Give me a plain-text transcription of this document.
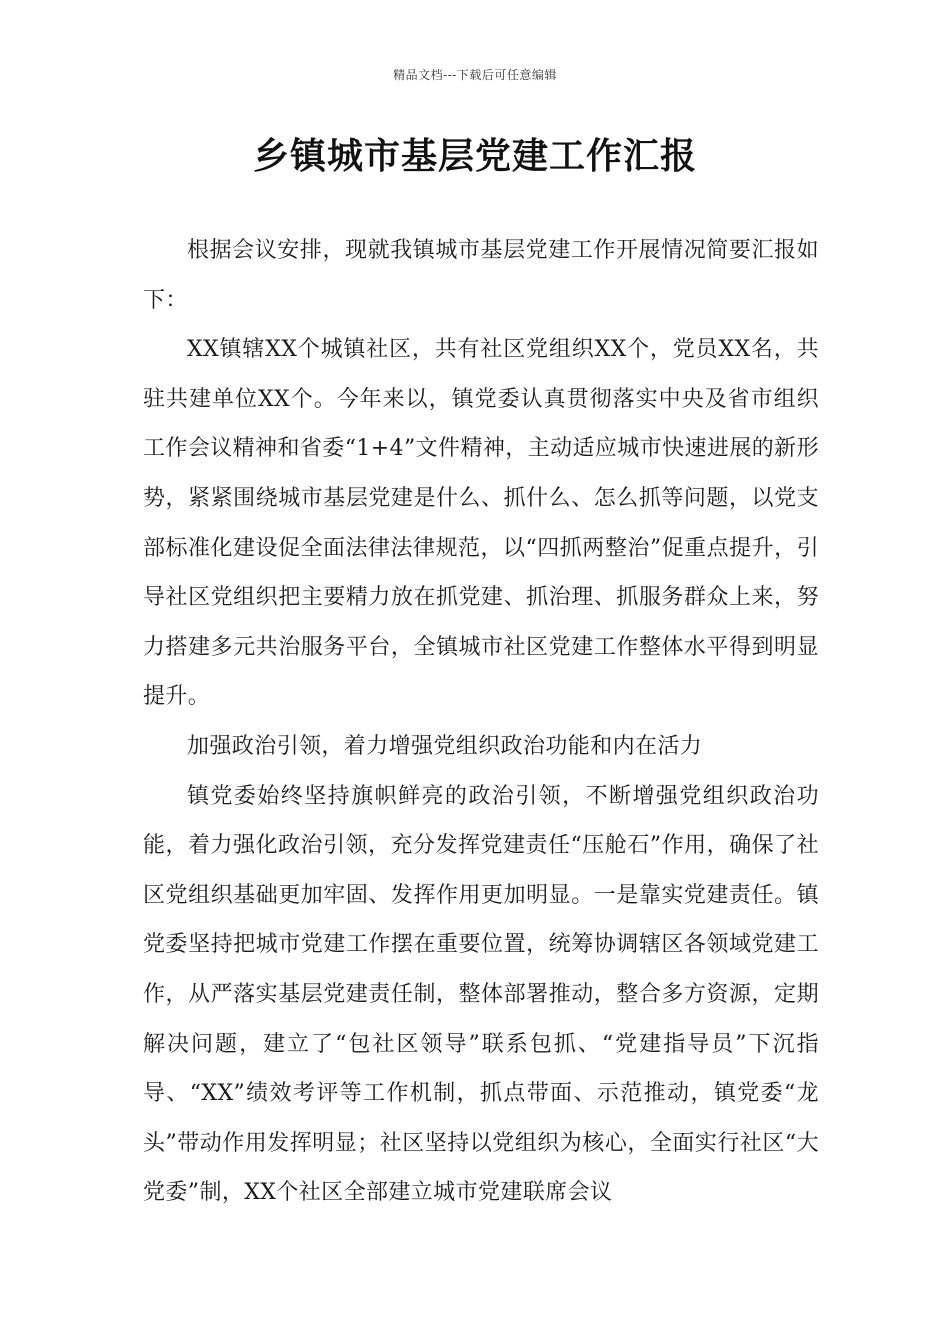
精品文档---下载后可任意编辑
乡镇城市基层党建工作汇报

根据会议安排，现就我镇城市基层党建工作开展情况简要汇报如下：

XX镇辖XX个城镇社区，共有社区党组织XX个，党员XX名，共驻共建单位XX个。今年来以，镇党委认真贯彻落实中央及省市组织工作会议精神和省委“1+4”文件精神，主动适应城市快速进展的新形势，紧紧围绕城市基层党建是什么、抓什么、怎么抓等问题，以党支部标准化建设促全面法律法律规范，以“四抓两整治”促重点提升，引导社区党组织把主要精力放在抓党建、抓治理、抓服务群众上来，努力搭建多元共治服务平台，全镇城市社区党建工作整体水平得到明显提升。

加强政治引领，着力增强党组织政治功能和内在活力

镇党委始终坚持旗帜鲜亮的政治引领，不断增强党组织政治功能，着力强化政治引领，充分发挥党建责任“压舱石”作用，确保了社区党组织基础更加牢固、发挥作用更加明显。一是靠实党建责任。镇党委坚持把城市党建工作摆在重要位置，统筹协调辖区各领域党建工作，从严落实基层党建责任制，整体部署推动，整合多方资源，定期解决问题，建立了“包社区领导”联系包抓、“党建指导员”下沉指导、“XX”绩效考评等工作机制，抓点带面、示范推动，镇党委“龙头”带动作用发挥明显；社区坚持以党组织为核心，全面实行社区“大党委”制，XX个社区全部建立城市党建联席会议
